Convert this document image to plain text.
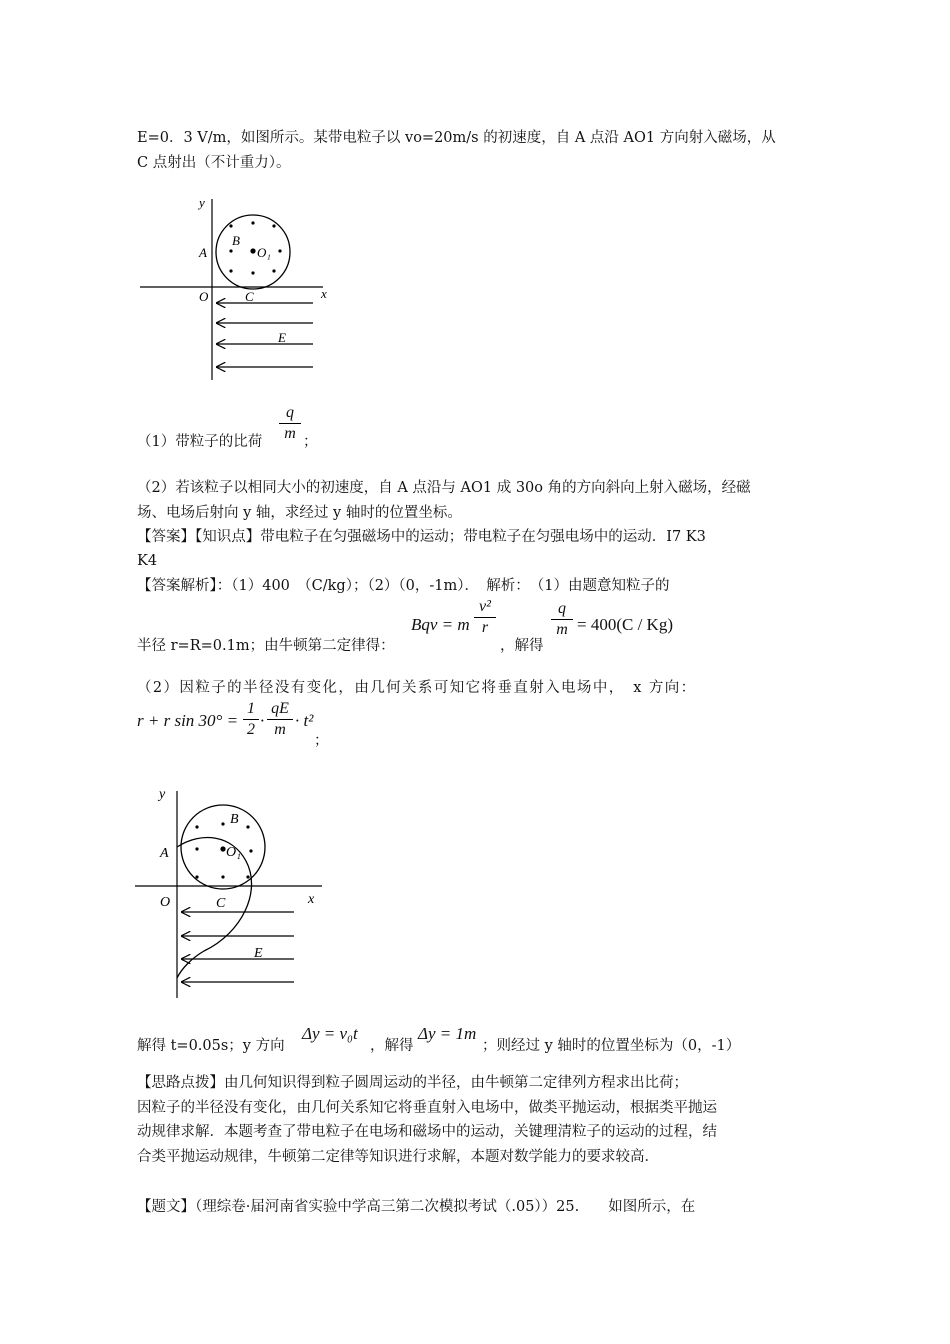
E=0．3 V/m，如图所示。某带电粒子以 vo=20m/s 的初速度，自 A 点沿 AO1 方向射入磁场，从
C 点射出（不计重力）。
y
x
A
B
O₁
O	C
E
（1）带粒子的比荷
q
m ；
（2）若该粒子以相同大小的初速度，自 A 点沿与 AO1 成 30o 角的方向斜向上射入磁场，经磁
场、电场后射向 y 轴，求经过 y 轴时的位置坐标。
【答案】【知识点】带电粒子在匀强磁场中的运动；带电粒子在匀强电场中的运动．I7 K3
K4
【答案解析】：（1）400　（C/kg）；（2）（0，-1m）．　解析：　（1）由题意知粒子的
半径 r=R=0.1m；由牛顿第二定律得：
Bqv = m
v²
r
，解得
q
m = 400(C / Kg)
（2）因粒子的半径没有变化，由几何关系可知它将垂直射入电场中，　x 方向：
r + r sin 30° =
1
2 ·
qE
m · t²
；
y
x
A
B
O₁
O	C
E
解得 t=0.05s；y 方向
Δy = v₀t
，解得
Δy = 1m
；则经过 y 轴时的位置坐标为（0，-1）
【思路点拨】由几何知识得到粒子圆周运动的半径，由牛顿第二定律列方程求出比荷；
因粒子的半径没有变化，由几何关系知它将垂直射入电场中，做类平抛运动，根据类平抛运
动规律求解．本题考查了带电粒子在电场和磁场中的运动，关键理清粒子的运动的过程，结
合类平抛运动规律，牛顿第二定律等知识进行求解，本题对数学能力的要求较高．
【题文】（理综卷·届河南省实验中学高三第二次模拟考试（.05））25.　　如图所示，在
